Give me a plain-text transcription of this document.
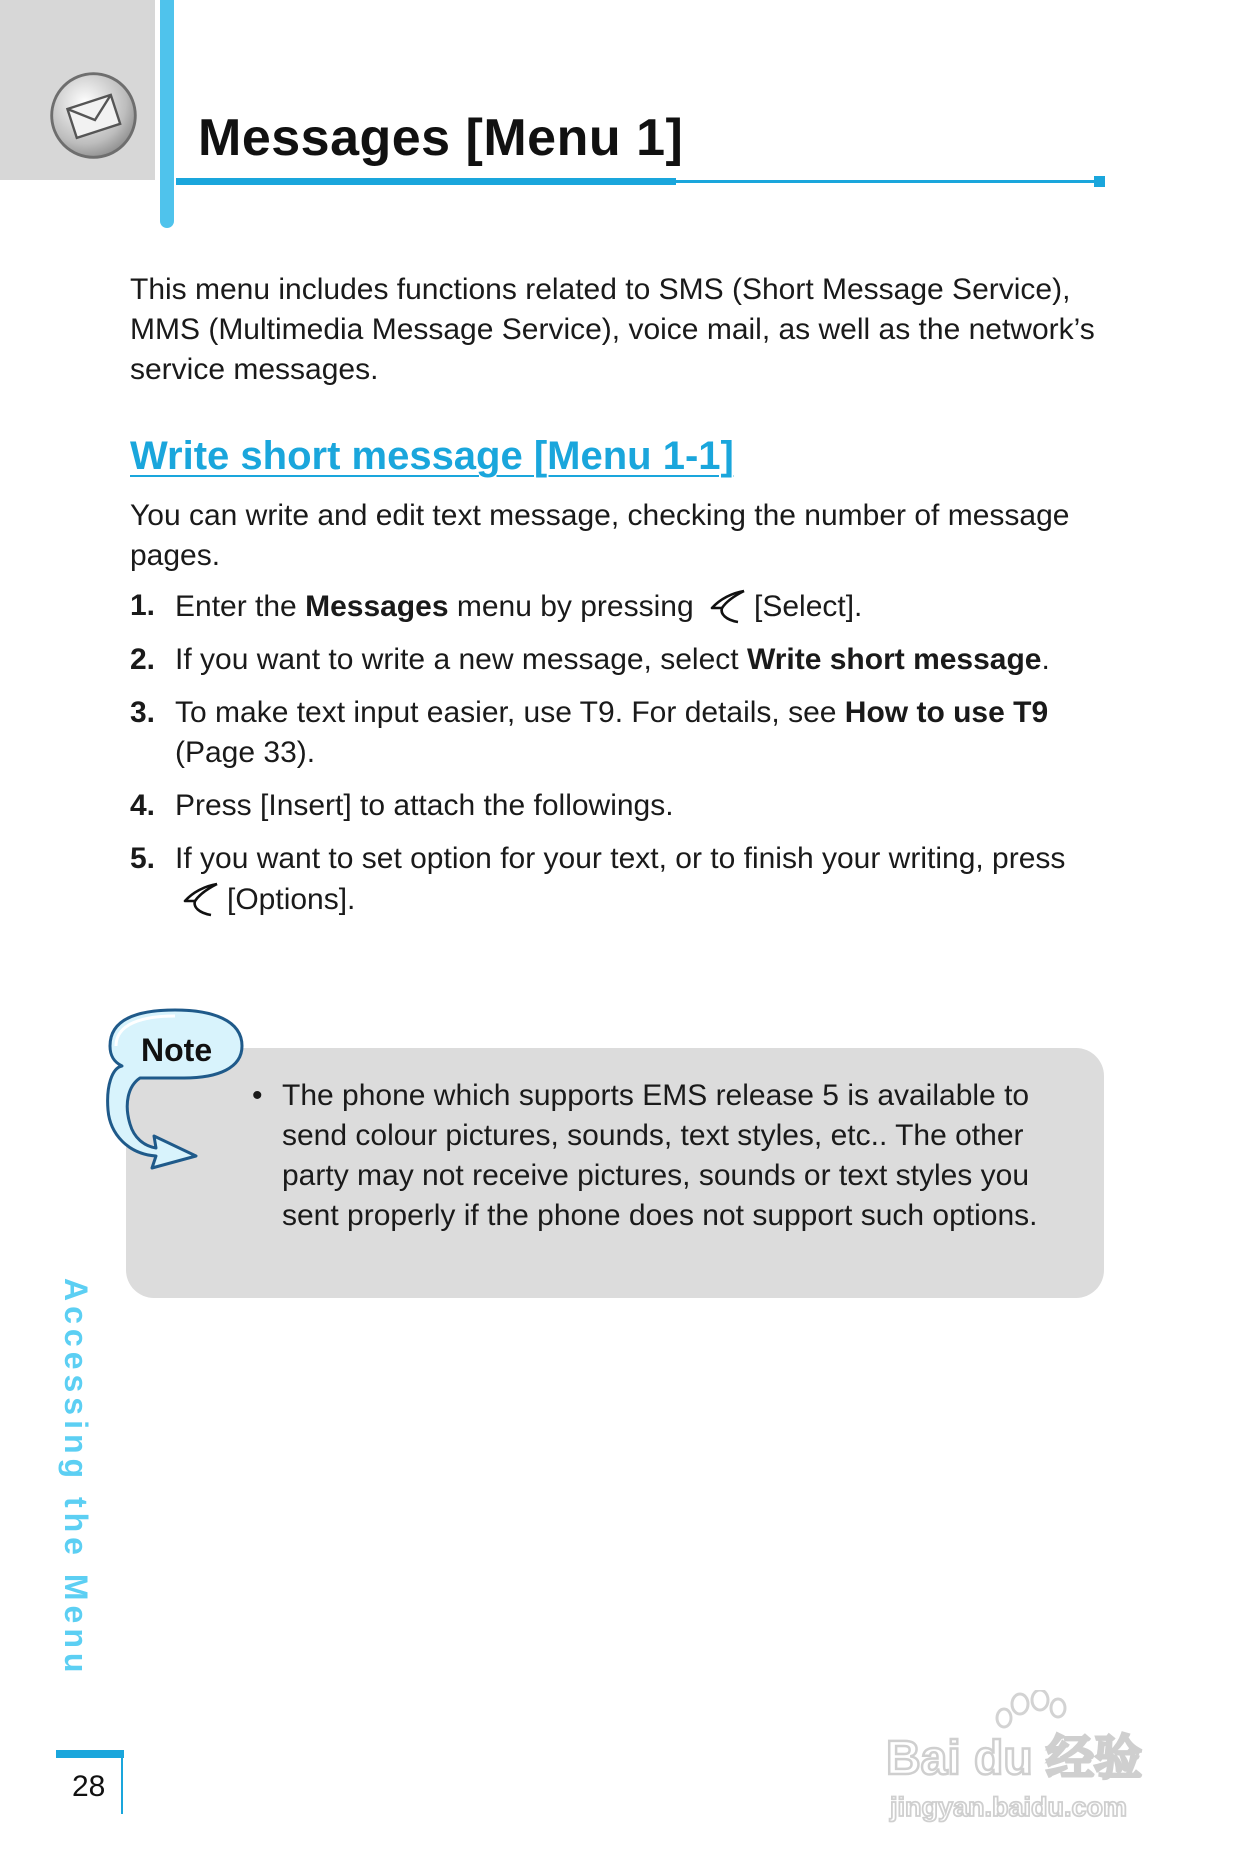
Messages [Menu 1]

This menu includes functions related to SMS (Short Message Service), MMS (Multimedia Message Service), voice mail, as well as the network’s service messages.

Write short message [Menu 1-1]

You can write and edit text message, checking the number of message pages.

1. Enter the Messages menu by pressing [Select].
2. If you want to write a new message, select Write short message.
3. To make text input easier, use T9. For details, see How to use T9 (Page 33).
4. Press [Insert] to attach the followings.
5. If you want to set option for your text, or to finish your writing, press [Options].
Note
• The phone which supports EMS release 5 is available to send colour pictures, sounds, text styles, etc.. The other party may not receive pictures, sounds or text styles you sent properly if the phone does not support such options.
Accessing the Menu
28
Bai du 经验
jingyan.baidu.com
